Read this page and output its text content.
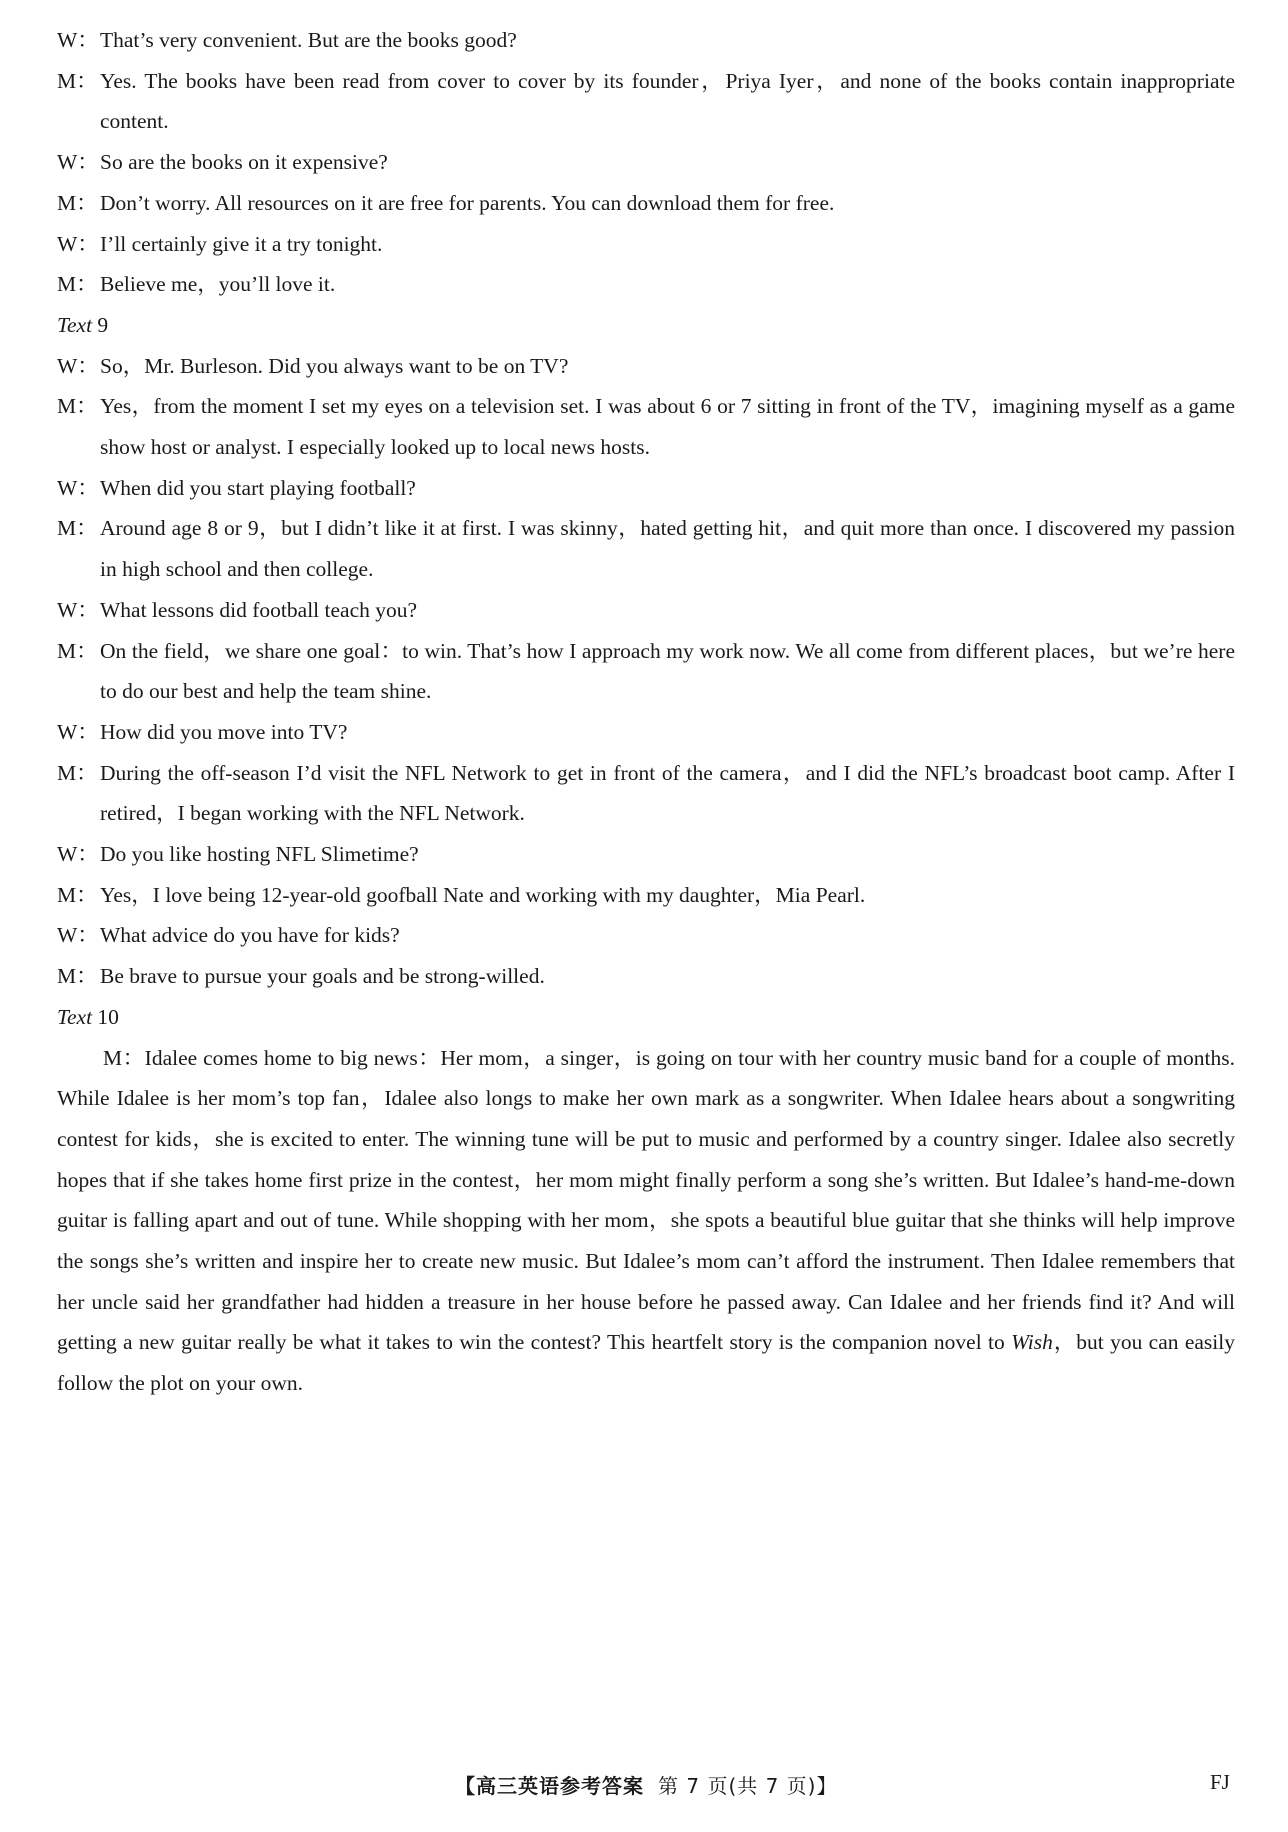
W： That’s very convenient. But are the books good?
M： Yes. The books have been read from cover to cover by its founder，Priya Iyer，and none of the books contain inappropriate content.
W： So are the books on it expensive?
M： Don’t worry. All resources on it are free for parents. You can download them for free.
W： I’ll certainly give it a try tonight.
M： Believe me，you’ll love it.
Text 9
W： So，Mr. Burleson. Did you always want to be on TV?
M： Yes，from the moment I set my eyes on a television set. I was about 6 or 7 sitting in front of the TV，imagining myself as a game show host or analyst. I especially looked up to local news hosts.
W： When did you start playing football?
M： Around age 8 or 9，but I didn’t like it at first. I was skinny，hated getting hit，and quit more than once. I discovered my passion in high school and then college.
W： What lessons did football teach you?
M： On the field，we share one goal：to win. That’s how I approach my work now. We all come from different places，but we’re here to do our best and help the team shine.
W： How did you move into TV?
M： During the off-season I’d visit the NFL Network to get in front of the camera，and I did the NFL’s broadcast boot camp. After I retired，I began working with the NFL Network.
W： Do you like hosting NFL Slimetime?
M： Yes，I love being 12-year-old goofball Nate and working with my daughter，Mia Pearl.
W： What advice do you have for kids?
M： Be brave to pursue your goals and be strong-willed.
Text 10

M：Idalee comes home to big news：Her mom，a singer，is going on tour with her country music band for a couple of months. While Idalee is her mom’s top fan，Idalee also longs to make her own mark as a songwriter. When Idalee hears about a songwriting contest for kids，she is excited to enter. The winning tune will be put to music and performed by a country singer. Idalee also secretly hopes that if she takes home first prize in the contest，her mom might finally perform a song she’s written. But Idalee’s hand-me-down guitar is falling apart and out of tune. While shopping with her mom，she spots a beautiful blue guitar that she thinks will help improve the songs she’s written and inspire her to create new music. But Idalee’s mom can’t afford the instrument. Then Idalee remembers that her uncle said her grandfather had hidden a treasure in her house before he passed away. Can Idalee and her friends find it? And will getting a new guitar really be what it takes to win the contest? This heartfelt story is the companion novel to Wish，but you can easily follow the plot on your own.

【高三英语参考答案 第 7 页(共 7 页)】	FJ
